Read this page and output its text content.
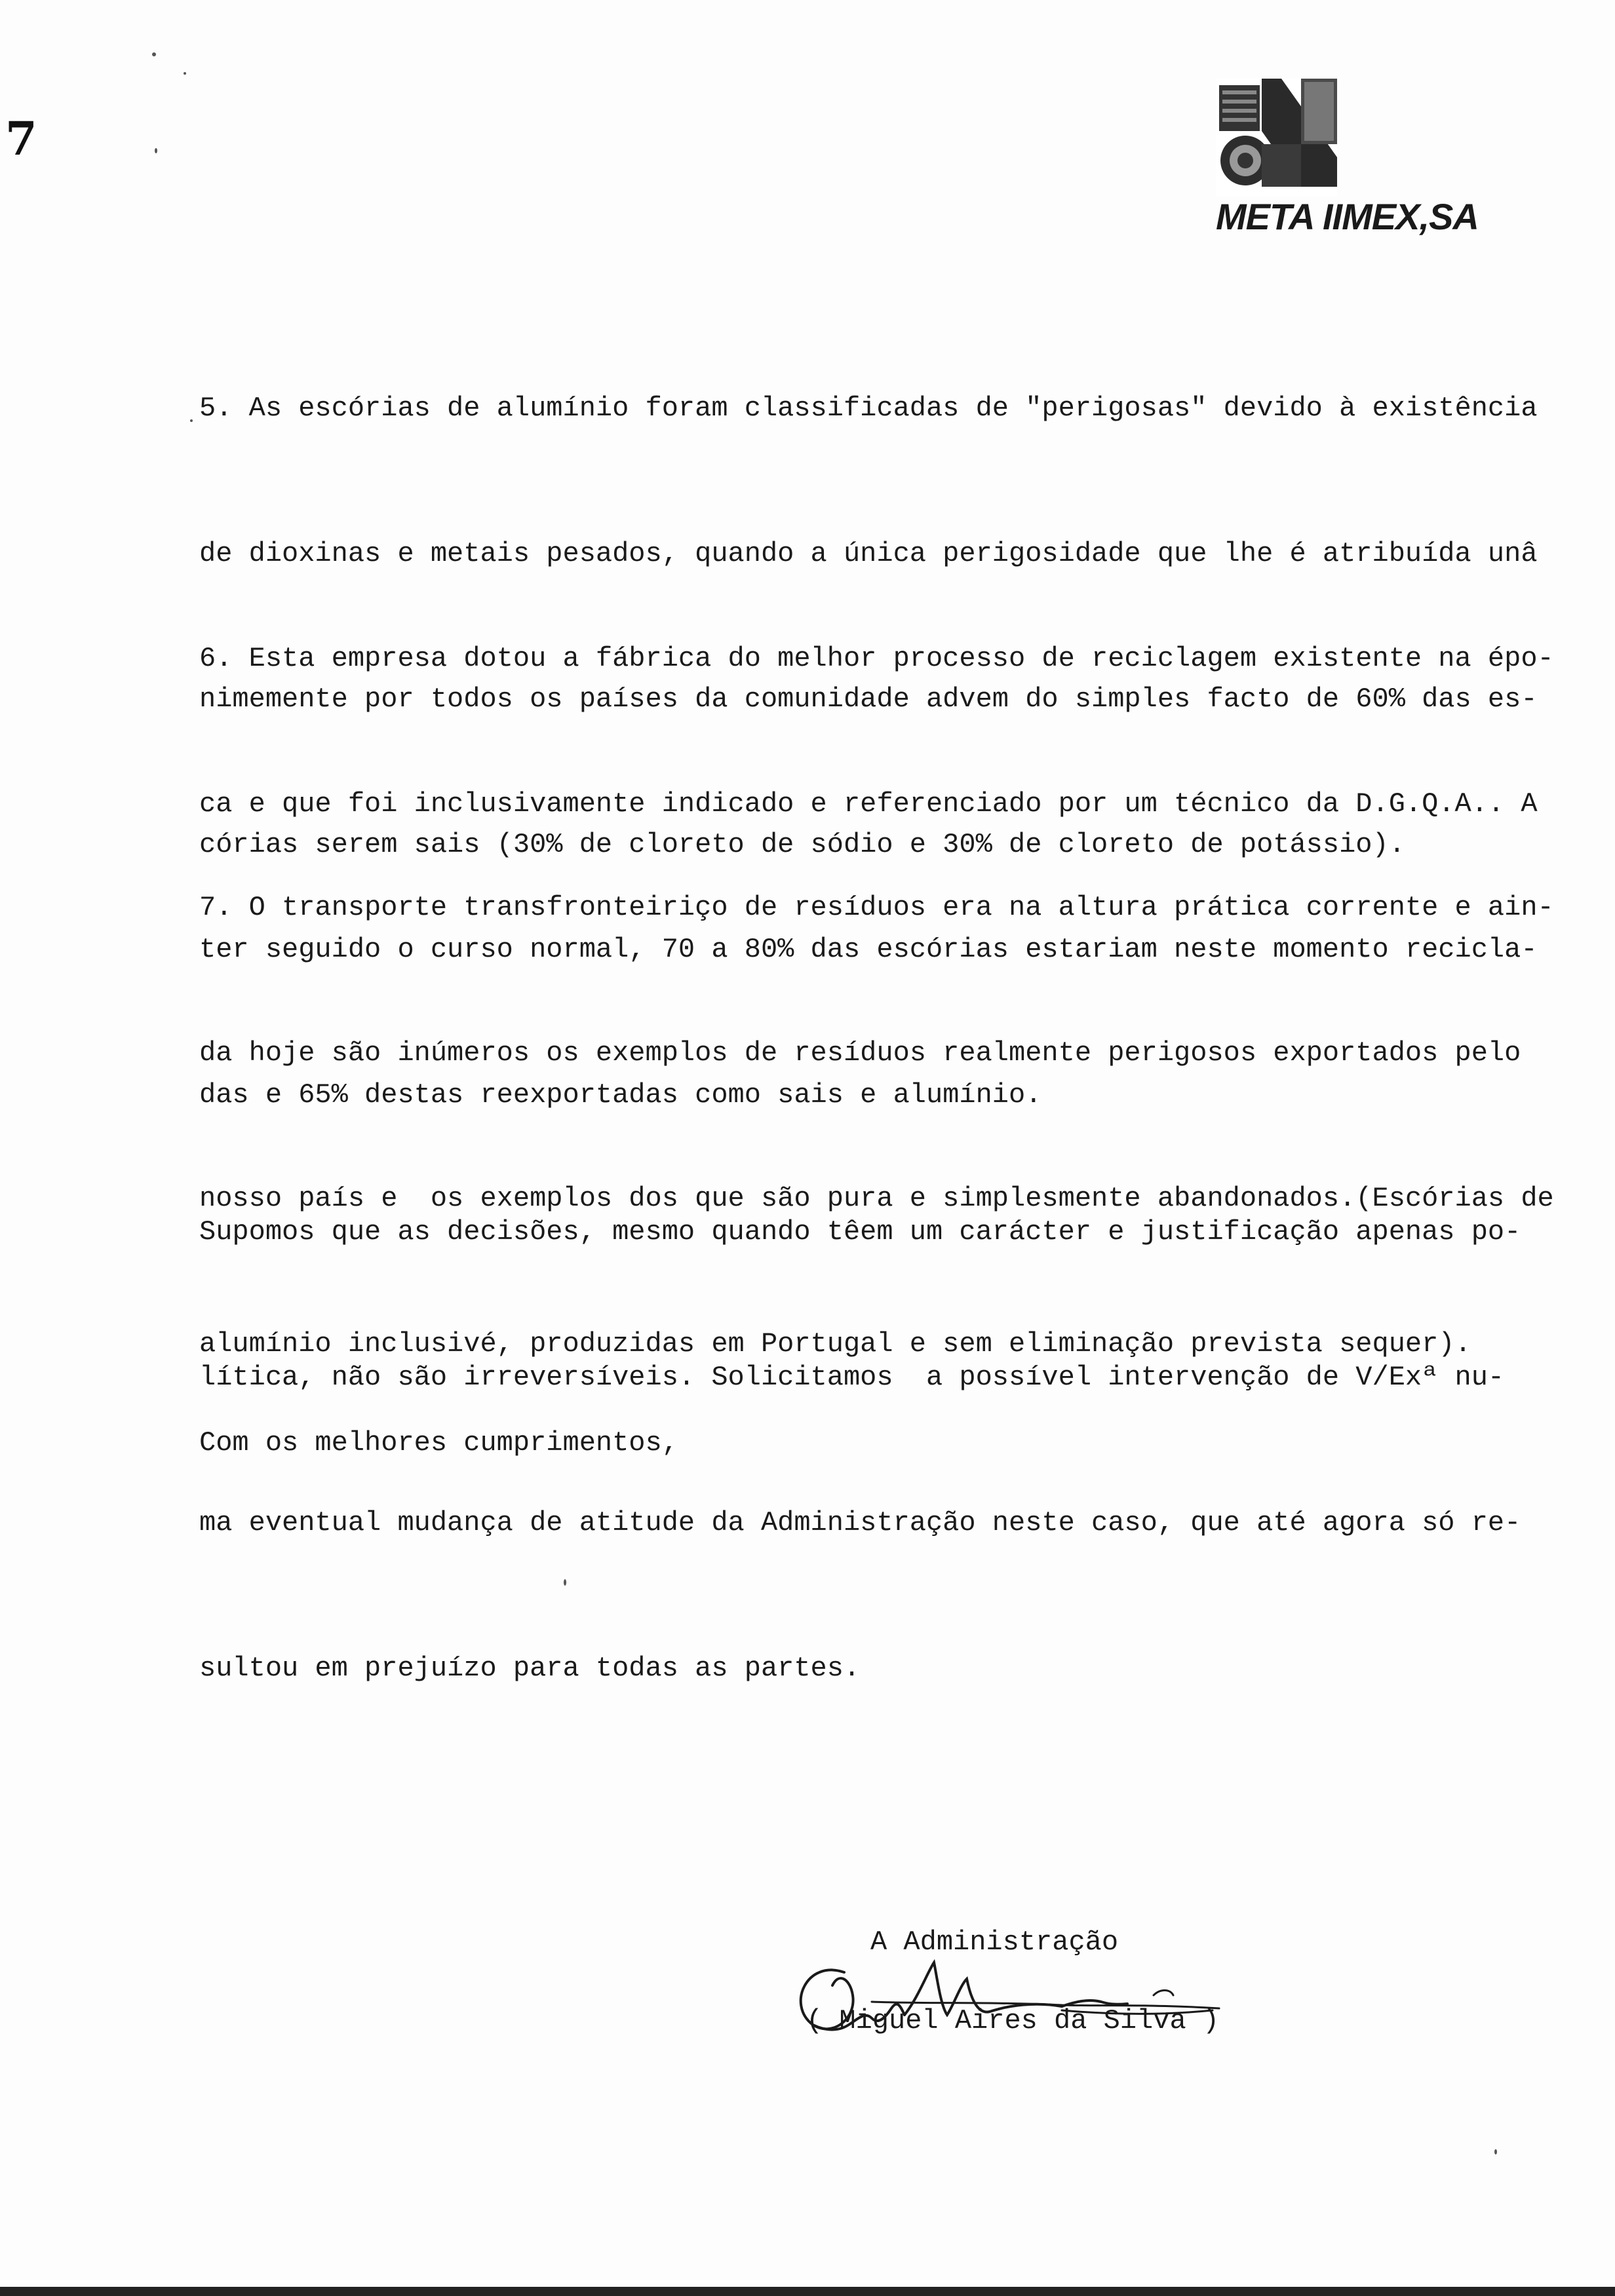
7
META IIMEX,SA

5. As escórias de alumínio foram classificadas de "perigosas" devido à existência

de dioxinas e metais pesados, quando a única perigosidade que lhe é atribuída unâ

nimemente por todos os países da comunidade advem do simples facto de 60% das es-

córias serem sais (30% de cloreto de sódio e 30% de cloreto de potássio).

6. Esta empresa dotou a fábrica do melhor processo de reciclagem existente na épo-

ca e que foi inclusivamente indicado e referenciado por um técnico da D.G.Q.A.. A

ter seguido o curso normal, 70 a 80% das escórias estariam neste momento recicla-

das e 65% destas reexportadas como sais e alumínio.

7. O transporte transfronteiriço de resíduos era na altura prática corrente e ain-

da hoje são inúmeros os exemplos de resíduos realmente perigosos exportados pelo

nosso país e  os exemplos dos que são pura e simplesmente abandonados.(Escórias de

alumínio inclusivé, produzidas em Portugal e sem eliminação prevista sequer).

Supomos que as decisões, mesmo quando têem um carácter e justificação apenas po-

lítica, não são irreversíveis. Solicitamos  a possível intervenção de V/Exª nu-

ma eventual mudança de atitude da Administração neste caso, que até agora só re-

sultou em prejuízo para todas as partes.

Com os melhores cumprimentos,
A Administração
( Miguel Aires da Silva )
